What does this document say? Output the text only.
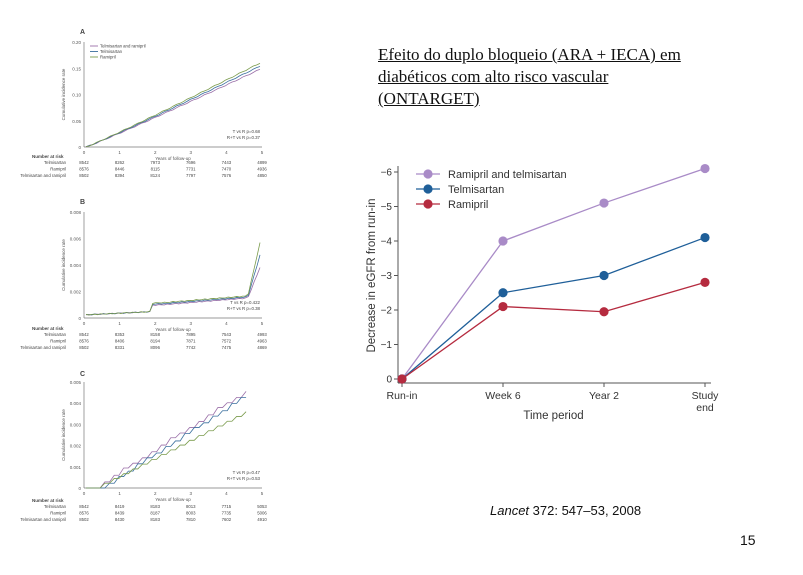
Efeito do duplo bloqueio (ARA + IECA) em
diabéticos com alto risco vascular
(ONTARGET)
A
0
0.05
0.10
0.15
0.20
0	1	2	3	4	5
Years of follow-up
Cumulative incidence rate
Telmisartan and ramipril
Telmisartan
Ramipril
T vs R p=0.68
R+T vs R p=0.37
Number at risk
Telmisartan	8542	8262	7973	7696	7443	4899
Ramipril	8576	8446	8115	7731	7470	4936
Telmisartan and ramipril	8502	8394	8124	7797	7576	4850
B
0
0.002
0.004
0.006
0.008
0	1	2	3	4	5
Years of follow-up
Cumulative incidence rate
T vs R p=0.422
R+T vs R p=0.38
Number at risk
Telmisartan	8542	8353	8158	7895	7543	4993
Ramipril	8576	8406	8194	7871	7572	4963
Telmisartan and ramipril	8502	8331	8096	7742	7475	4869
C
0
0.001
0.002
0.003
0.004
0.005
0	1	2	3	4	5
Years of follow-up
Cumulative incidence rate
T vs R p=0.47
R+T vs R p=0.53
Number at risk
Telmisartan	8542	8419	8183	8013	7715	5053
Ramipril	8576	8439	8187	8003	7735	5006
Telmisartan and ramipril	8502	8430	8183	7810	7602	4910
0
−1
−2
−3
−4
−5
−6
Run-in	Week 6	Year 2	Study end
Time period
Decrease in eGFR from run-in
Ramipril and telmisartan
Telmisartan
Ramipril
Lancet 372: 547–53, 2008
15
